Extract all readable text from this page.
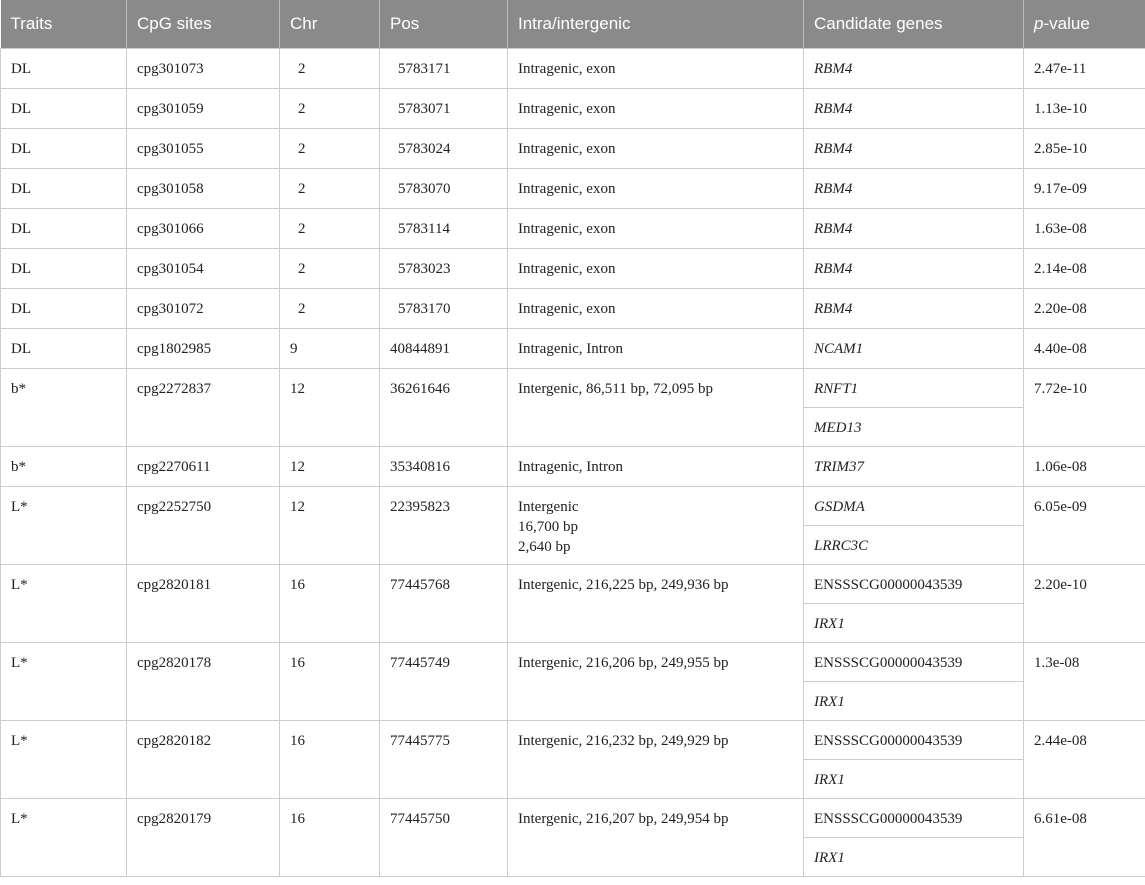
Traits	CpG sites	Chr	Pos	Intra/intergenic	Candidate genes	p-value
DL	cpg301073	2	5783171	Intragenic, exon	RBM4	2.47e-11
DL	cpg301059	2	5783071	Intragenic, exon	RBM4	1.13e-10
DL	cpg301055	2	5783024	Intragenic, exon	RBM4	2.85e-10
DL	cpg301058	2	5783070	Intragenic, exon	RBM4	9.17e-09
DL	cpg301066	2	5783114	Intragenic, exon	RBM4	1.63e-08
DL	cpg301054	2	5783023	Intragenic, exon	RBM4	2.14e-08
DL	cpg301072	2	5783170	Intragenic, exon	RBM4	2.20e-08
DL	cpg1802985	9	40844891	Intragenic, Intron	NCAM1	4.40e-08
b*	cpg2272837	12	36261646	Intergenic, 86,511 bp, 72,095 bp	RNFT1	7.72e-10
					MED13	
b*	cpg2270611	12	35340816	Intragenic, Intron	TRIM37	1.06e-08
L*	cpg2252750	12	22395823	Intergenic
16,700 bp
2,640 bp	GSDMA	6.05e-09
					LRRC3C	
L*	cpg2820181	16	77445768	Intergenic, 216,225 bp, 249,936 bp	ENSSSCG00000043539	2.20e-10
					IRX1	
L*	cpg2820178	16	77445749	Intergenic, 216,206 bp, 249,955 bp	ENSSSCG00000043539	1.3e-08
					IRX1	
L*	cpg2820182	16	77445775	Intergenic, 216,232 bp, 249,929 bp	ENSSSCG00000043539	2.44e-08
					IRX1	
L*	cpg2820179	16	77445750	Intergenic, 216,207 bp, 249,954 bp	ENSSSCG00000043539	6.61e-08
					IRX1	
